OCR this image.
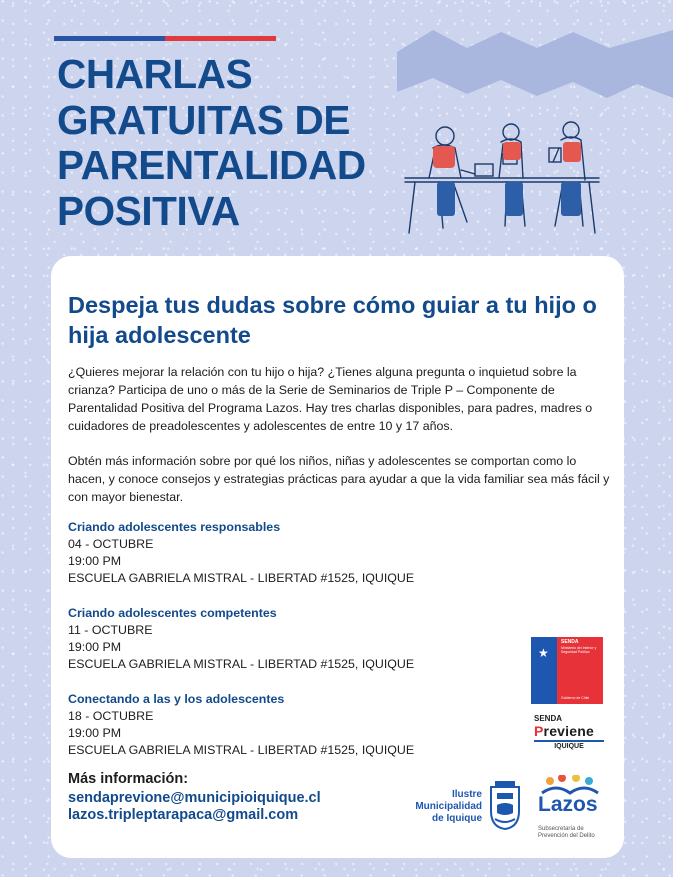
CHARLAS
GRATUITAS DE
PARENTALIDAD
POSITIVA
Despeja tus dudas sobre cómo guiar a tu hijo o hija adolescente

¿Quieres mejorar la relación con tu hijo o hija? ¿Tienes alguna pregunta o inquietud sobre la crianza? Participa de uno o más de la Serie de Seminarios de Triple P – Componente de Parentalidad Positiva del Programa Lazos. Hay tres charlas disponibles, para padres, madres o cuidadores de preadolescentes y adolescentes de entre 10 y 17 años.

Obtén más información sobre por qué los niños, niñas y adolescentes se comportan como lo hacen, y conoce consejos y estrategias prácticas para ayudar a que la vida familiar sea más fácil y con mayor bienestar.

Criando adolescentes responsables
04 - OCTUBRE
19:00 PM
ESCUELA GABRIELA MISTRAL - LIBERTAD #1525, IQUIQUE
Criando adolescentes competentes
11 - OCTUBRE
19:00 PM
ESCUELA GABRIELA MISTRAL - LIBERTAD #1525, IQUIQUE
Conectando a las y los adolescentes
18 - OCTUBRE
19:00 PM
ESCUELA GABRIELA MISTRAL - LIBERTAD #1525, IQUIQUE
Más información:
sendaprevione@municipioiquique.cl
lazos.tripleptarapaca@gmail.com
★
SENDA
Ministerio del Interior y Seguridad Pública
Gobierno de Chile
SENDA
Previene
IQUIQUE
Ilustre
Municipalidad
de Iquique
Lazos
Subsecretaría de Prevención del Delito
